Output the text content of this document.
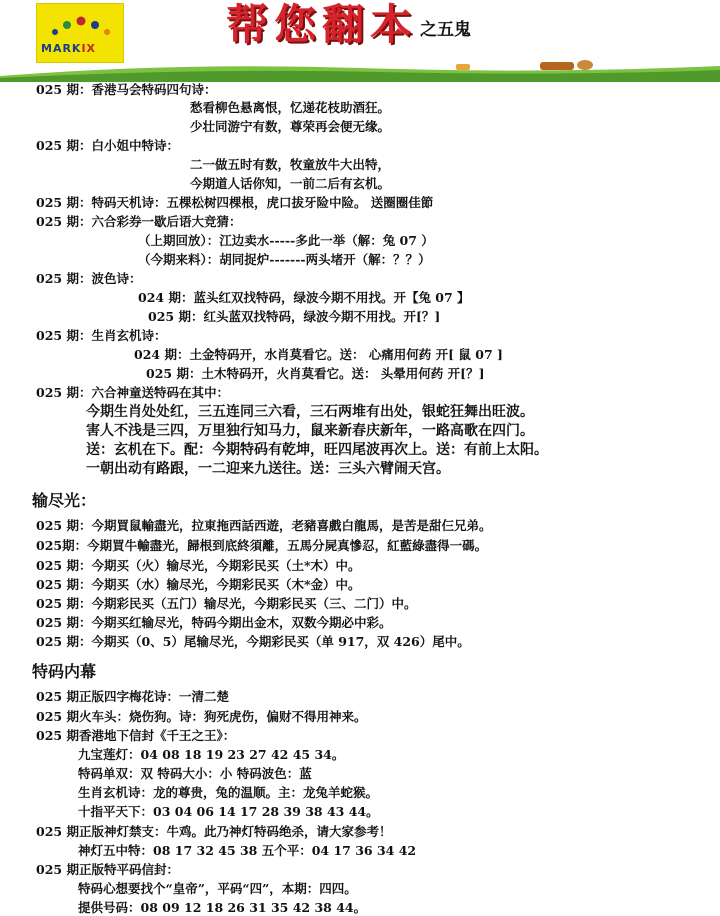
MARKIX	帮您翻本 之五鬼
025 期：香港马会特码四句诗：
愁看柳色悬离恨，忆递花枝助酒狂。
少壮同游宁有数，尊荣再会便无缘。
025 期：白小姐中特诗：
二一做五时有数，牧童放牛大出特，
今期道人话你知，一前二后有玄机。
025 期：特码天机诗：五棵松树四棵根，虎口拔牙险中险。 送圈圈佳節
025 期：六合彩券一歇后语大竞猜：
（上期回放）：江边卖水-----多此一举（解：兔 07 ）
（今期来料）：胡同捉炉-------两头堵开（解：？？）
025 期：波色诗：
024 期：蓝头红双找特码，绿波今期不用找。开【兔 07 】
025 期：红头蓝双找特码，绿波今期不用找。开[？]
025 期：生肖玄机诗：
024 期：土金特码开，水肖莫看它。送： 心痛用何药 开[ 鼠 07 ]
025 期：土木特码开，火肖莫看它。送： 头晕用何药 开[？]
025 期：六合神童送特码在其中：
今期生肖处处红，三五连同三六看，三石两堆有出处，银蛇狂舞出旺波。
害人不浅是三四，万里独行知马力，鼠来新春庆新年，一路高歌在四门。
送：玄机在下。配：今期特码有乾坤，旺四尾波再次上。送：有前上太阳。
一朝出动有路跟，一二迎来九送往。送：三头六臂闹天宫。
输尽光：
025 期：今期買鼠輸盡光，拉東拖西話西遊，老豬喜戲白龍馬，是苦是甜仨兄弟。
025期：今期買牛輸盡光，歸根到底終須離，五馬分屍真慘忍，紅藍綠盡得一碼。
025 期：今期买（火）输尽光，今期彩民买（土*木）中。
025 期：今期买（水）输尽光，今期彩民买（木*金）中。
025 期：今期彩民买（五门）输尽光，今期彩民买（三、二门）中。
025 期：今期买红输尽光，特码今期出金木，双数今期必中彩。
025 期：今期买（0、5）尾输尽光，今期彩民买（单 917，双 426）尾中。
特码内幕
025 期正版四字梅花诗：一清二楚
025 期火车头：烧伤狗。诗：狗死虎伤，偏财不得用神来。
025 期香港地下信封《千王之王》：
九宝莲灯：04 08 18 19 23 27 42 45 34。
特码单双：双 特码大小：小 特码波色：蓝
生肖玄机诗：龙的尊贵，兔的温顺。主：龙兔羊蛇猴。
十指平天下：03 04 06 14 17 28 39 38 43 44。
025 期正版神灯禁支：牛鸡。此乃神灯特码绝杀，请大家参考！
神灯五中特：08 17 32 45 38 五个平：04 17 36 34 42
025 期正版特平码信封：
特码心想要找个“皇帝”，平码“四”，本期：四四。
提供号码：08 09 12 18 26 31 35 42 38 44。
